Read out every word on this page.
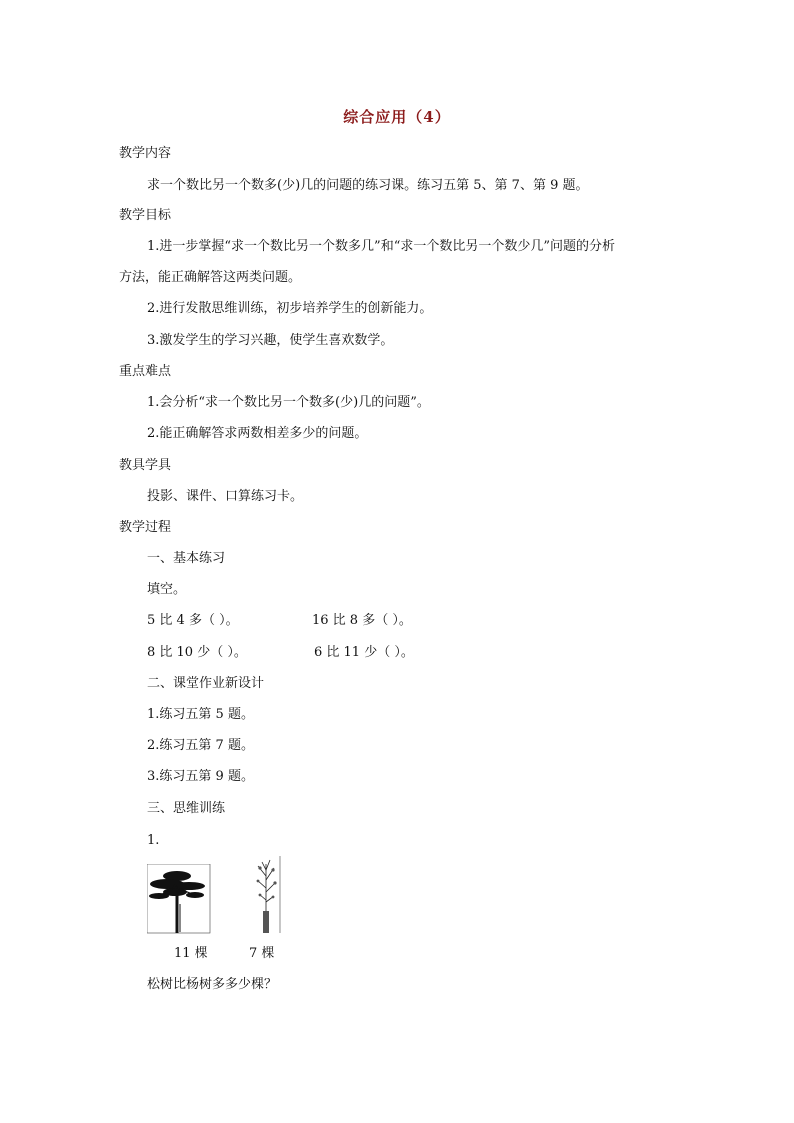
综合应用（4）
教学内容
求一个数比另一个数多(少)几的问题的练习课。练习五第 5、第 7、第 9 题。
教学目标
1.进一步掌握“求一个数比另一个数多几”和“求一个数比另一个数少几”问题的分析
方法，能正确解答这两类问题。
2.进行发散思维训练，初步培养学生的创新能力。
3.激发学生的学习兴趣，使学生喜欢数学。
重点难点
1.会分析“求一个数比另一个数多(少)几的问题”。
2.能正确解答求两数相差多少的问题。
教具学具
投影、课件、口算练习卡。
教学过程
一、基本练习
填空。
5 比 4 多（ ）。	16 比 8 多（ ）。
8 比 10 少（ ）。	6 比 11 少（ ）。
二、课堂作业新设计
1.练习五第 5 题。
2.练习五第 7 题。
3.练习五第 9 题。
三、思维训练
1.
11 棵	7 棵
松树比杨树多多少棵？
